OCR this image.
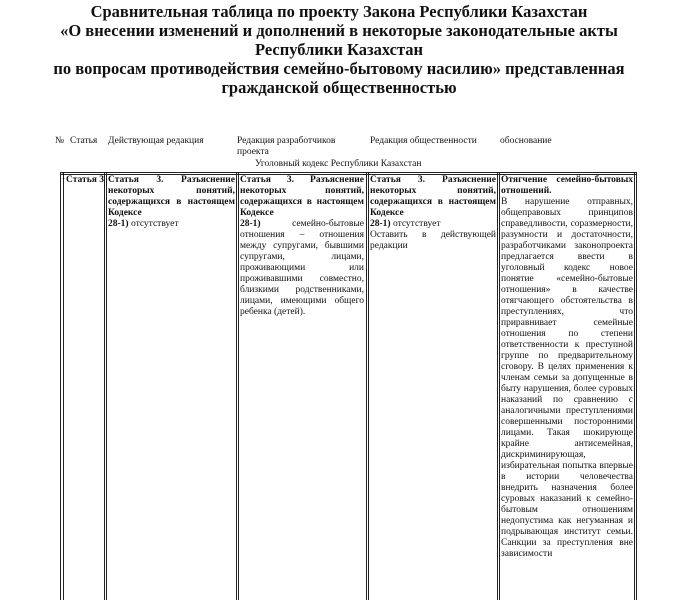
Сравнительная таблица по проекту Закона Республики Казахстан
«О внесении изменений и дополнений в некоторые законодательные акты
Республики Казахстан
по вопросам противодействия семейно-бытовому насилию» представленная
гражданской общественностью
№ Статья Действующая редакция	Редакция разработчиков
проекта
Редакция общественности обоснование
Уголовный кодекс Республики Казахстан
1 Статья 3 Статья 3. Разъяснение некоторых понятий, содержащихся в настоящем Кодексе
28-1) отсутствует
Статья 3. Разъяснение некоторых понятий, содержащихся в настоящем Кодексе
28-1)	семейно-бытовые отношения – отношения между супругами, бывшими супругами, лицами, проживающими или проживавшими совместно, близкими родственниками, лицами, имеющими общего ребенка (детей).
Статья 3. Разъяснение некоторых понятий, содержащихся в настоящем Кодексе
28-1) отсутствует
Оставить в действующей редакции
Отягчение семейно-бытовых отношений.
В нарушение отправных, общеправовых принципов справедливости, соразмерности, разумности и достаточности, разработчиками законопроекта предлагается ввести в уголовный кодекс новое понятие «семейно-бытовые отношения» в качестве отягчающего обстоятельства в преступлениях, что приравнивает семейные отношения по степени ответственности к преступной группе по предварительному сговору. В целях применения к членам семьи за допущенные в быту нарушения, более суровых наказаний по сравнению с аналогичными преступлениями совершенными посторонними лицами. Такая шокирующе крайне антисемейная, дискриминирующая, избирательная попытка впервые в истории человечества внедрить назначения более суровых наказаний к семейно-бытовым отношениям недопустима как негуманная и подрывающая институт семьи. Санкции за преступления вне зависимости
